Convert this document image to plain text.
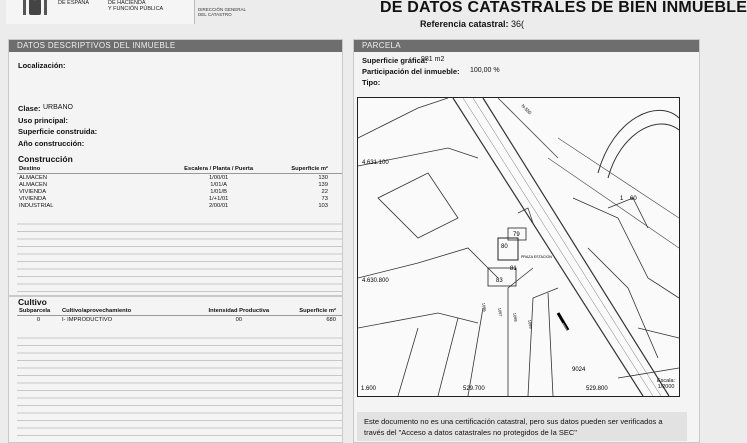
DE ESPAÑA	DE HACIENDA
Y FUNCIÓN PÚBLICA	DIRECCIÓN GENERAL
DEL CATASTRO	DE DATOS CATASTRALES DE BIEN INMUEBLE
Referencia catastral: 36(
DATOS DESCRIPTIVOS DEL INMUEBLE
Localización:
Clase: URBANO
Uso principal:
Superficie construida:
Año construcción:
Construcción
Destino	Escalera / Planta / Puerta	Superficie m²
ALMACEN	1/00/01	130
ALMACEN	1/01/A	139
VIVIENDA	1/01/B	22
VIVIENDA	1/+1/01	73
INDUSTRIAL	2/00/01	103
Cultivo
Subparcela	Cultivo/aprovechamiento	Intensidad Productiva	Superficie m²
0	I- IMPRODUCTIVO	00	680
PARCELA
Superficie gráfica:
981 m2
Participación del inmueble: 100,00 %
Tipo:
4.631.100
4.630.800
1.600	529.700	529.800
N-550
80
79
81
83
9024
60
1
PRAZA ESTACION
1096
1097
1098
1099
Escala:
1/2000
Este documento no es una certificación catastral, pero sus datos pueden ser verificados a
través del "Acceso a datos catastrales no protegidos de la SEC"
